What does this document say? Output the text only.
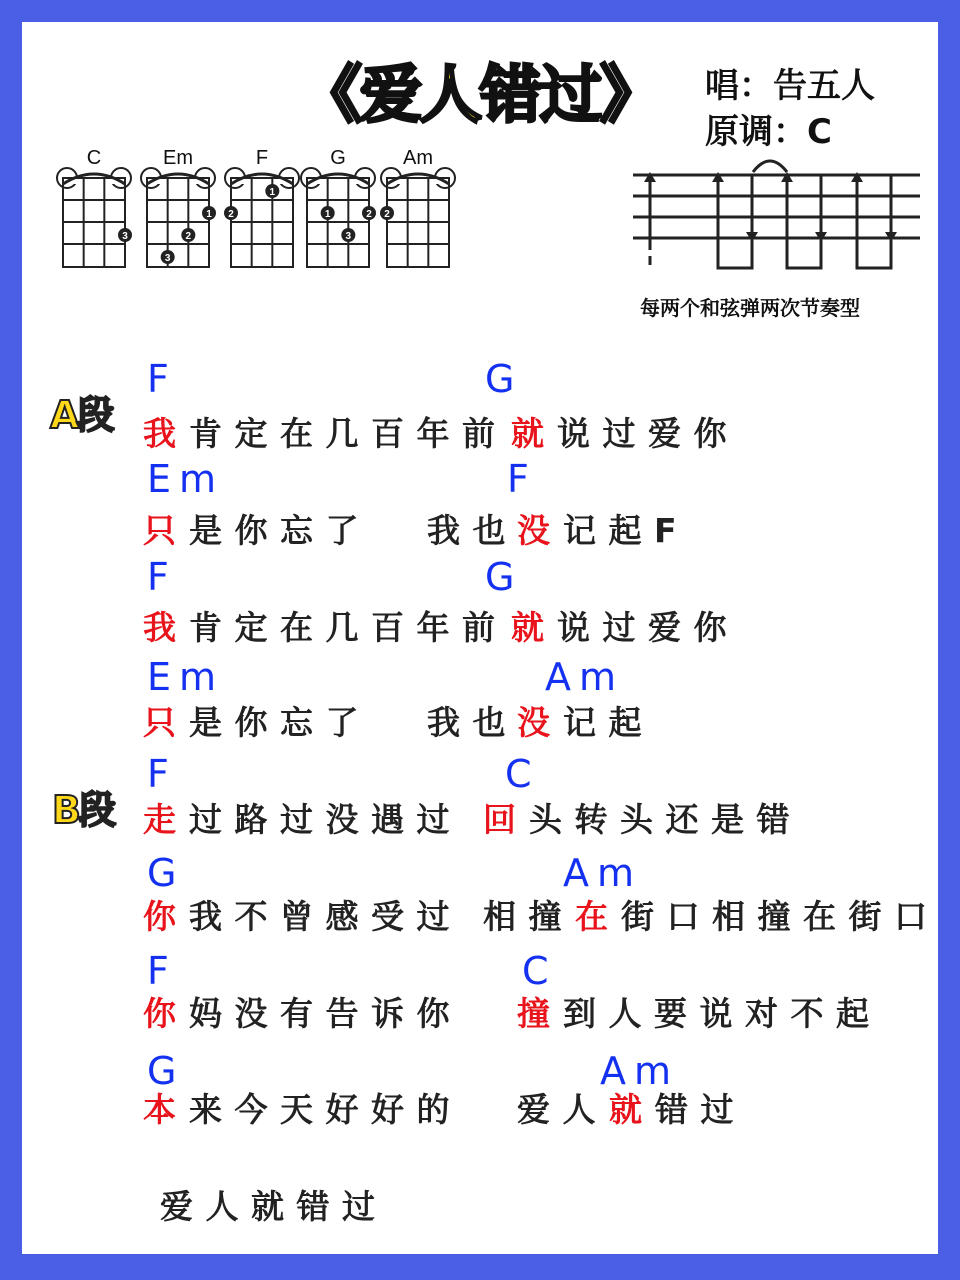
《爱人错过》 唱：告五人
原调：C
C
3
Em
1
2
3
F
1
2
G
1	2
3
Am
2
每两个和弦弹两次节奏型
A段
B段
F	G
我 肯定在几百年前 就 说过爱你
Em	F
只 是你忘了 我也 没 记起F
F	G
我 肯定在几百年前 就 说过爱你
Em	Am
只 是你忘了 我也 没 记起
F	C
走 过路过没遇过 回 头转头还是错
G	Am
你 我不曾感受过 相撞 在 街口相撞在街口
F	C
你 妈没有告诉你 撞 到人要说对不起
G	Am
本 来今天好好的 爱人 就 错过
爱人就错过
